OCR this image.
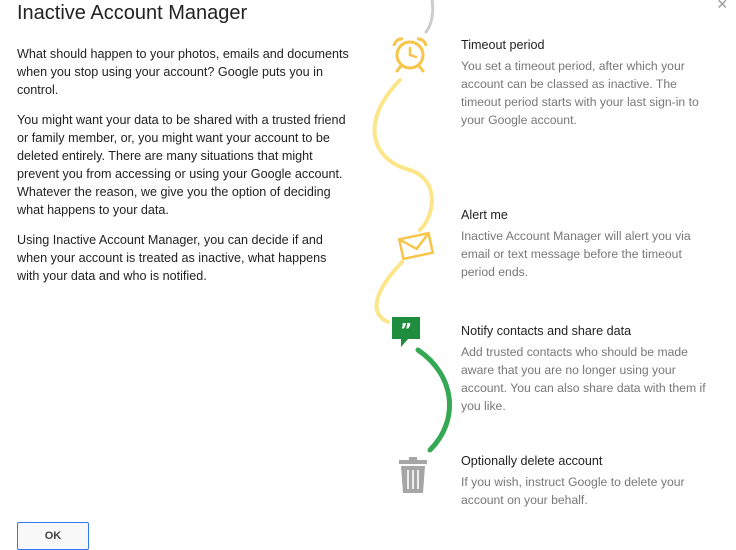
Inactive Account Manager	×

What should happen to your photos, emails and documents when you stop using your account? Google puts you in control.

You might want your data to be shared with a trusted friend or family member, or, you might want your account to be deleted entirely. There are many situations that might prevent you from accessing or using your Google account. Whatever the reason, we give you the option of deciding what happens to your data.

Using Inactive Account Manager, you can decide if and when your account is treated as inactive, what happens with your data and who is notified.

”

Timeout period

You set a timeout period, after which your account can be classed as inactive. The timeout period starts with your last sign-in to your Google account.

Alert me

Inactive Account Manager will alert you via email or text message before the timeout period ends.

Notify contacts and share data

Add trusted contacts who should be made aware that you are no longer using your account. You can also share data with them if you like.

Optionally delete account

If you wish, instruct Google to delete your account on your behalf.

OK
